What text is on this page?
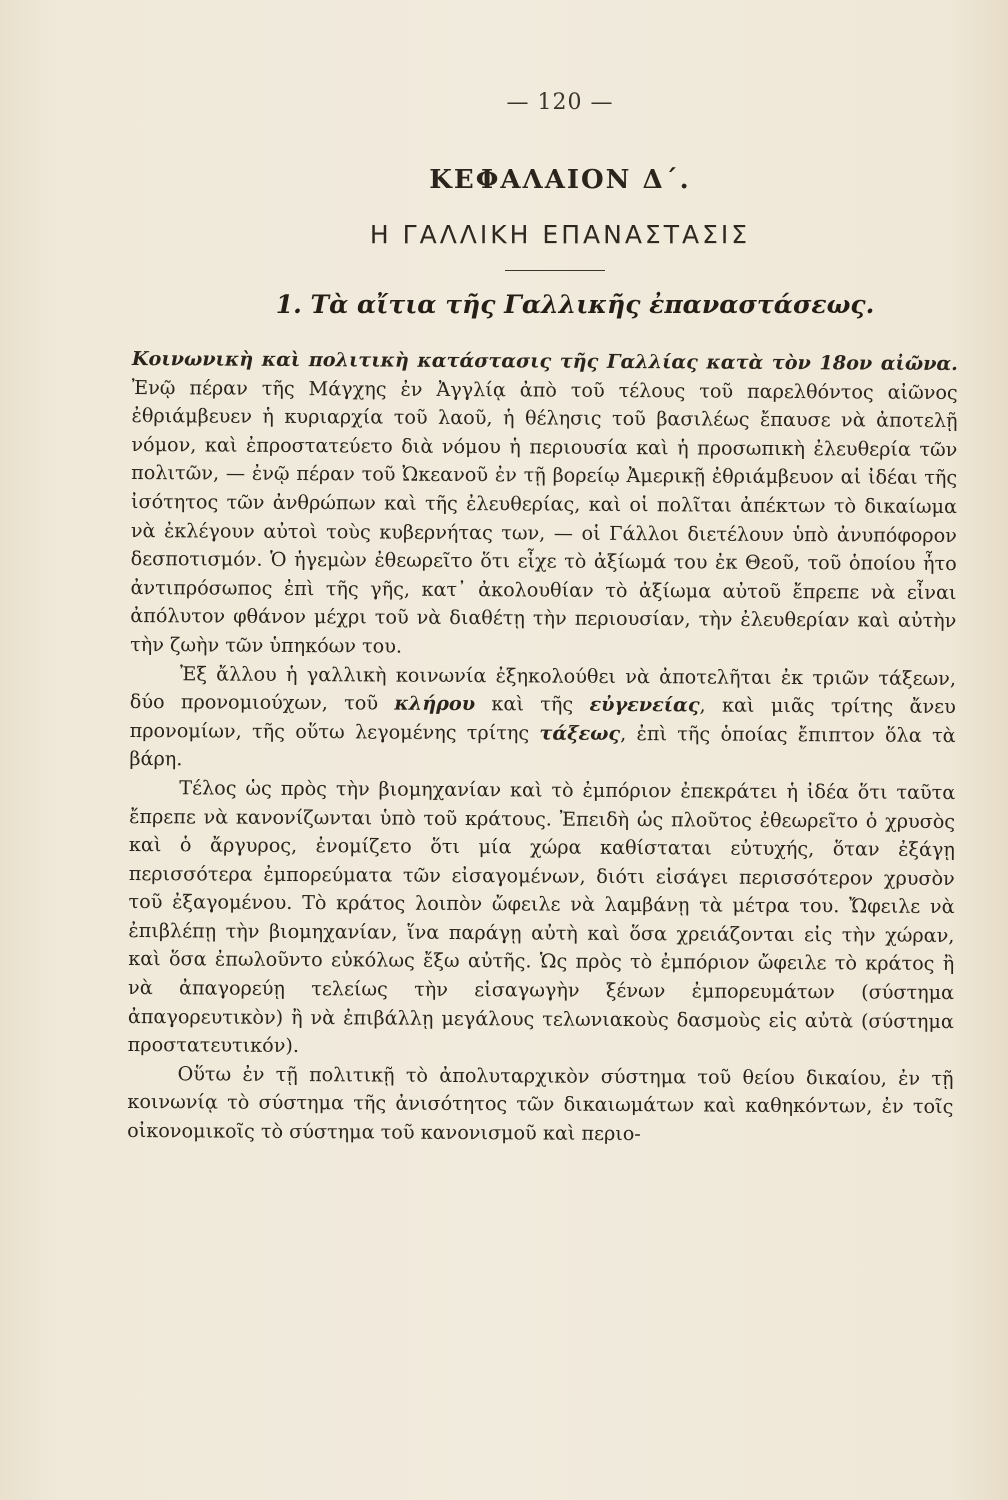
— 120 —
ΚΕΦΑΛΑΙΟΝ Δ΄.
Η ΓΑΛΛΙΚΗ ΕΠΑΝΑΣΤΑΣΙΣ
1. Τὰ αἴτια τῆς Γαλλικῆς ἐπαναστάσεως.

Κοινωνικὴ καὶ πολιτικὴ κατάστασις τῆς Γαλλίας κατὰ τὸν 18ον αἰῶνα. Ἐνῷ πέραν τῆς Μάγχης ἐν Ἀγγλίᾳ ἀπὸ τοῦ τέλους τοῦ παρελθόντος αἰῶνος ἐθριάμβευεν ἡ κυριαρχία τοῦ λαοῦ, ἡ θέλησις τοῦ βασιλέως ἔπαυσε νὰ ἀποτελῇ νόμον, καὶ ἐπροστατεύετο διὰ νόμου ἡ περιουσία καὶ ἡ προσωπικὴ ἐλευθερία τῶν πολιτῶν, — ἐνῷ πέραν τοῦ Ὠκεανοῦ ἐν τῇ βορείῳ Ἀμερικῇ ἐθριάμβευον αἱ ἰδέαι τῆς ἰσότητος τῶν ἀνθρώπων καὶ τῆς ἐλευθερίας, καὶ οἱ πολῖται ἀπέκτων τὸ δικαίωμα νὰ ἐκλέγουν αὐτοὶ τοὺς κυβερνήτας των, — οἱ Γάλλοι διετέλουν ὑπὸ ἀνυπόφορον δεσποτισμόν. Ὁ ἡγεμὼν ἐθεωρεῖτο ὅτι εἶχε τὸ ἀξίωμά του ἐκ Θεοῦ, τοῦ ὁποίου ἦτο ἀντιπρόσωπος ἐπὶ τῆς γῆς, κατ᾿ ἀκολουθίαν τὸ ἀξίωμα αὐτοῦ ἔπρεπε νὰ εἶναι ἀπόλυτον φθάνον μέχρι τοῦ νὰ διαθέτῃ τὴν περιουσίαν, τὴν ἐλευθερίαν καὶ αὐτὴν τὴν ζωὴν τῶν ὑπηκόων του.

Ἐξ ἄλλου ἡ γαλλικὴ κοινωνία ἐξηκολούθει νὰ ἀποτελῆται ἐκ τριῶν τάξεων, δύο προνομιούχων, τοῦ κλήρου καὶ τῆς εὐγενείας, καὶ μιᾶς τρίτης ἄνευ προνομίων, τῆς οὕτω λεγομένης τρίτης τάξεως, ἐπὶ τῆς ὁποίας ἔπιπτον ὅλα τὰ βάρη.

Τέλος ὡς πρὸς τὴν βιομηχανίαν καὶ τὸ ἐμπόριον ἐπεκράτει ἡ ἰδέα ὅτι ταῦτα ἔπρεπε νὰ κανονίζωνται ὑπὸ τοῦ κράτους. Ἐπειδὴ ὡς πλοῦτος ἐθεωρεῖτο ὁ χρυσὸς καὶ ὁ ἄργυρος, ἐνομίζετο ὅτι μία χώρα καθίσταται εὐτυχής, ὅταν ἐξάγῃ περισσότερα ἐμπορεύματα τῶν εἰσαγομένων, διότι εἰσάγει περισσότερον χρυσὸν τοῦ ἐξαγομένου. Τὸ κράτος λοιπὸν ὤφειλε νὰ λαμβάνῃ τὰ μέτρα του. Ὤφειλε νὰ ἐπιβλέπῃ τὴν βιομηχανίαν, ἵνα παράγῃ αὐτὴ καὶ ὅσα χρειάζονται εἰς τὴν χώραν, καὶ ὅσα ἐπωλοῦντο εὐκόλως ἔξω αὐτῆς. Ὡς πρὸς τὸ ἐμπόριον ὤφειλε τὸ κράτος ἢ νὰ ἀπαγορεύῃ τελείως τὴν εἰσαγωγὴν ξένων ἐμπορευμάτων (σύστημα ἀπαγορευτικὸν) ἢ νὰ ἐπιβάλλῃ μεγάλους τελωνιακοὺς δασμοὺς εἰς αὐτὰ (σύστημα προστατευτικόν).

Οὕτω ἐν τῇ πολιτικῇ τὸ ἀπολυταρχικὸν σύστημα τοῦ θείου δικαίου, ἐν τῇ κοινωνίᾳ τὸ σύστημα τῆς ἀνισότητος τῶν δικαιωμάτων καὶ καθηκόντων, ἐν τοῖς οἰκονομικοῖς τὸ σύστημα τοῦ κανονισμοῦ καὶ περιο-
